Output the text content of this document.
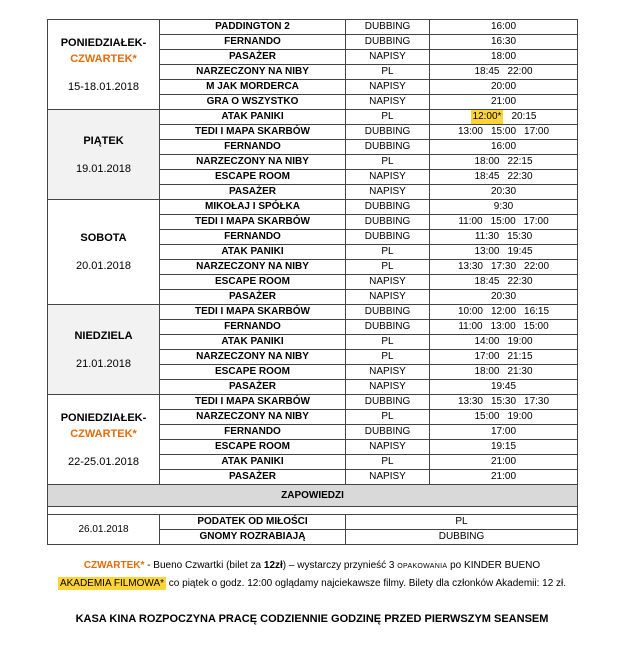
PONIEDZIAŁEK-
CZWARTEK*
15-18.01.2018	PADDINGTON 2	DUBBING	16:00
	FERNANDO	DUBBING	16:30
	PASAŻER	NAPISY	18:00
	NARZECZONY NA NIBY	PL	18:45 22:00
	M JAK MORDERCA	NAPISY	20:00
	GRA O WSZYSTKO	NAPISY	21:00

PIĄTEK
19.01.2018	ATAK PANIKI	PL	12:00* 20:15
	TEDI I MAPA SKARBÓW	DUBBING	13:00 15:00 17:00
	FERNANDO	DUBBING	16:00
	NARZECZONY NA NIBY	PL	18:00 22:15
	ESCAPE ROOM	NAPISY	18:45 22:30
	PASAŻER	NAPISY	20:30

SOBOTA
20.01.2018	MIKOŁAJ I SPÓŁKA	DUBBING	9:30
	TEDI I MAPA SKARBÓW	DUBBING	11:00 15:00 17:00
	FERNANDO	DUBBING	11:30 15:30
	ATAK PANIKI	PL	13:00 19:45
	NARZECZONY NA NIBY	PL	13:30 17:30 22:00
	ESCAPE ROOM	NAPISY	18:45 22:30
	PASAŻER	NAPISY	20:30

NIEDZIELA
21.01.2018	TEDI I MAPA SKARBÓW	DUBBING	10:00 12:00 16:15
	FERNANDO	DUBBING	11:00 13:00 15:00
	ATAK PANIKI	PL	14:00 19:00
	NARZECZONY NA NIBY	PL	17:00 21:15
	ESCAPE ROOM	NAPISY	18:00 21:30
	PASAŻER	NAPISY	19:45

PONIEDZIAŁEK-
CZWARTEK*
22-25.01.2018	TEDI I MAPA SKARBÓW	DUBBING	13:30 15:30 17:30
	NARZECZONY NA NIBY	PL	15:00 19:00
	FERNANDO	DUBBING	17:00
	ESCAPE ROOM	NAPISY	19:15
	ATAK PANIKI	PL	21:00
	PASAŻER	NAPISY	21:00
ZAPOWIEDZI			

26.01.2018	PODATEK OD MIŁOŚCI	PL	
	GNOMY ROZRABIAJĄ	DUBBING	
CZWARTEK* - Bueno Czwartki (bilet za 12zł) – wystarczy przynieść 3 OPAKOWANIA po KINDER BUENO
AKADEMIA FILMOWA* co piątek o godz. 12:00 oglądamy najciekawsze filmy. Bilety dla członków Akademii: 12 zł.
KASA KINA ROZPOCZYNA PRACĘ CODZIENNIE GODZINĘ PRZED PIERWSZYM SEANSEM
